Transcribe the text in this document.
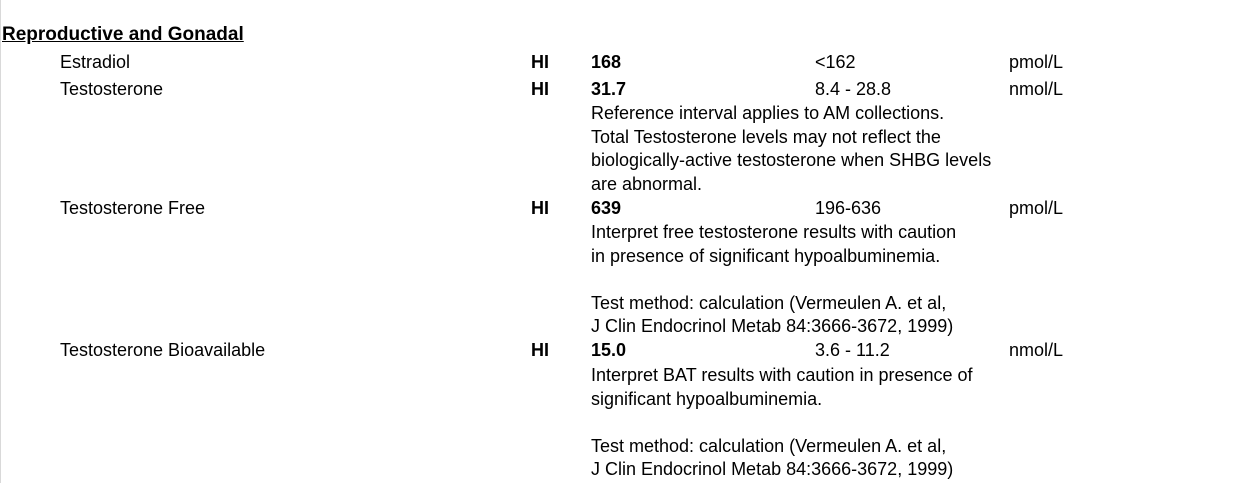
Reproductive and Gonadal
Estradiol	HI 168	<162	pmol/L
Testosterone	HI 31.7	8.4 - 28.8	nmol/L
Reference interval applies to AM collections.
Total Testosterone levels may not reflect the
biologically-active testosterone when SHBG levels
are abnormal.
Testosterone Free	HI 639	196-636	pmol/L
Interpret free testosterone results with caution
in presence of significant hypoalbuminemia.
Test method: calculation (Vermeulen A. et al,
J Clin Endocrinol Metab 84:3666-3672, 1999)
Testosterone Bioavailable	HI 15.0	3.6 - 11.2	nmol/L
Interpret BAT results with caution in presence of
significant hypoalbuminemia.
Test method: calculation (Vermeulen A. et al,
J Clin Endocrinol Metab 84:3666-3672, 1999)
